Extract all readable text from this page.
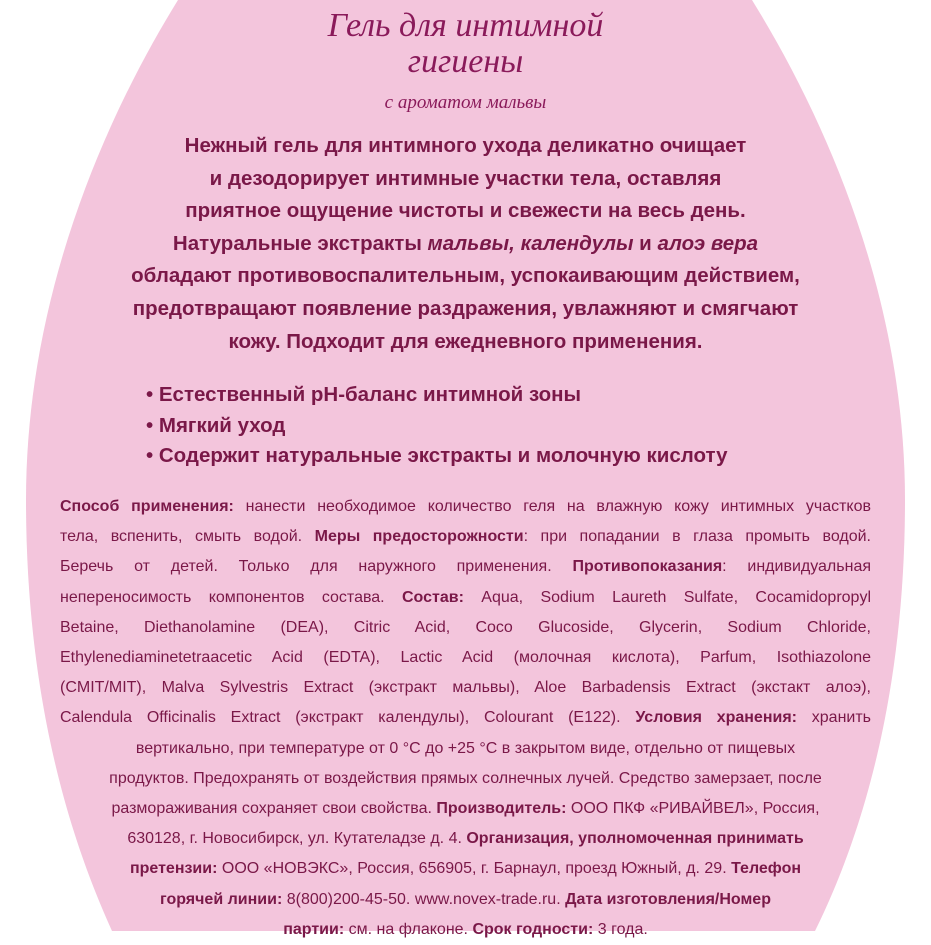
Гель для интимной
гигиены
с ароматом мальвы
Нежный гель для интимного ухода деликатно очищает
и дезодорирует интимные участки тела, оставляя
приятное ощущение чистоты и свежести на весь день.
Натуральные экстракты мальвы, календулы и алоэ вера
обладают противовоспалительным, успокаивающим действием,
предотвращают появление раздражения, увлажняют и смягчают
кожу. Подходит для ежедневного применения.
• Естественный pH-баланс интимной зоны
• Мягкий уход
• Содержит натуральные экстракты и молочную кислоту
Способ применения: нанести необходимое количество геля на влажную кожу интимных участков
тела, вспенить, смыть водой. Меры предосторожности: при попадании в глаза промыть водой.
Беречь от детей. Только для наружного применения. Противопоказания: индивидуальная
непереносимость компонентов состава. Состав: Aqua, Sodium Laureth Sulfate, Cocamidopropyl
Betaine, Diethanolamine (DEA), Citric Acid, Coco Glucoside, Glycerin, Sodium Chloride,
Ethylenediaminetetraacetic Acid (EDTA), Lactic Acid (молочная кислота), Parfum, Isothiazolone
(CMIT/MIT), Malva Sylvestris Extract (экстракт мальвы), Aloe Barbadensis Extract (экстакт алоэ),
Calendula Officinalis Extract (экстракт календулы), Colourant (E122). Условия хранения: хранить
вертикально, при температуре от 0 °С до +25 °С в закрытом виде, отдельно от пищевых
продуктов. Предохранять от воздействия прямых солнечных лучей. Средство замерзает, после
размораживания сохраняет свои свойства. Производитель: ООО ПКФ «РИВАЙВЕЛ», Россия,
630128, г. Новосибирск, ул. Кутателадзе д. 4. Организация, уполномоченная принимать
претензии: ООО «НОВЭКС», Россия, 656905, г. Барнаул, проезд Южный, д. 29. Телефон
горячей линии: 8(800)200-45-50. www.novex-trade.ru. Дата изготовления/Номер
партии: см. на флаконе. Срок годности: 3 года.
